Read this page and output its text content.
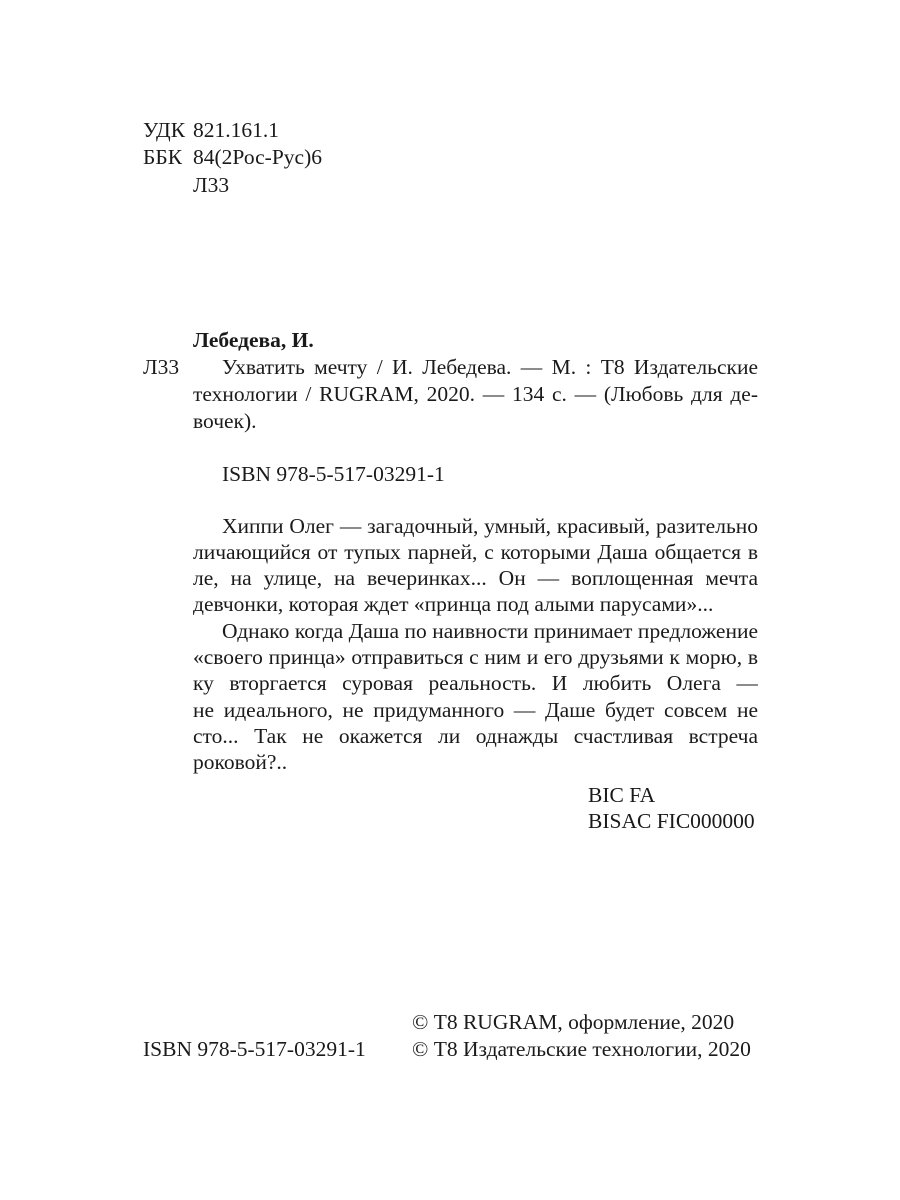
УДК 821.161.1
ББК 84(2Рос-Рус)6
Л33
Лебедева, И.
Л33 Ухватить мечту / И. Лебедева. — М. : Т8 Издательские
технологии / RUGRAM, 2020. — 134 с. — (Любовь для де-
вочек).
ISBN 978-5-517-03291-1
Хиппи Олег — загадочный, умный, красивый, разительно
личающийся от тупых парней, с которыми Даша общается в
ле, на улице, на вечеринках... Он — воплощенная мечта
девчонки, которая ждет «принца под алыми парусами»...
Однако когда Даша по наивности принимает предложение
«своего принца» отправиться с ним и его друзьями к морю, в
ку вторгается суровая реальность. И любить Олега —
не идеального, не придуманного — Даше будет совсем не
сто... Так не окажется ли однажды счастливая встреча
роковой?..
BIC FA
BISAC FIC000000
© Т8 RUGRAM, оформление, 2020
ISBN 978-5-517-03291-1 © Т8 Издательские технологии, 2020
